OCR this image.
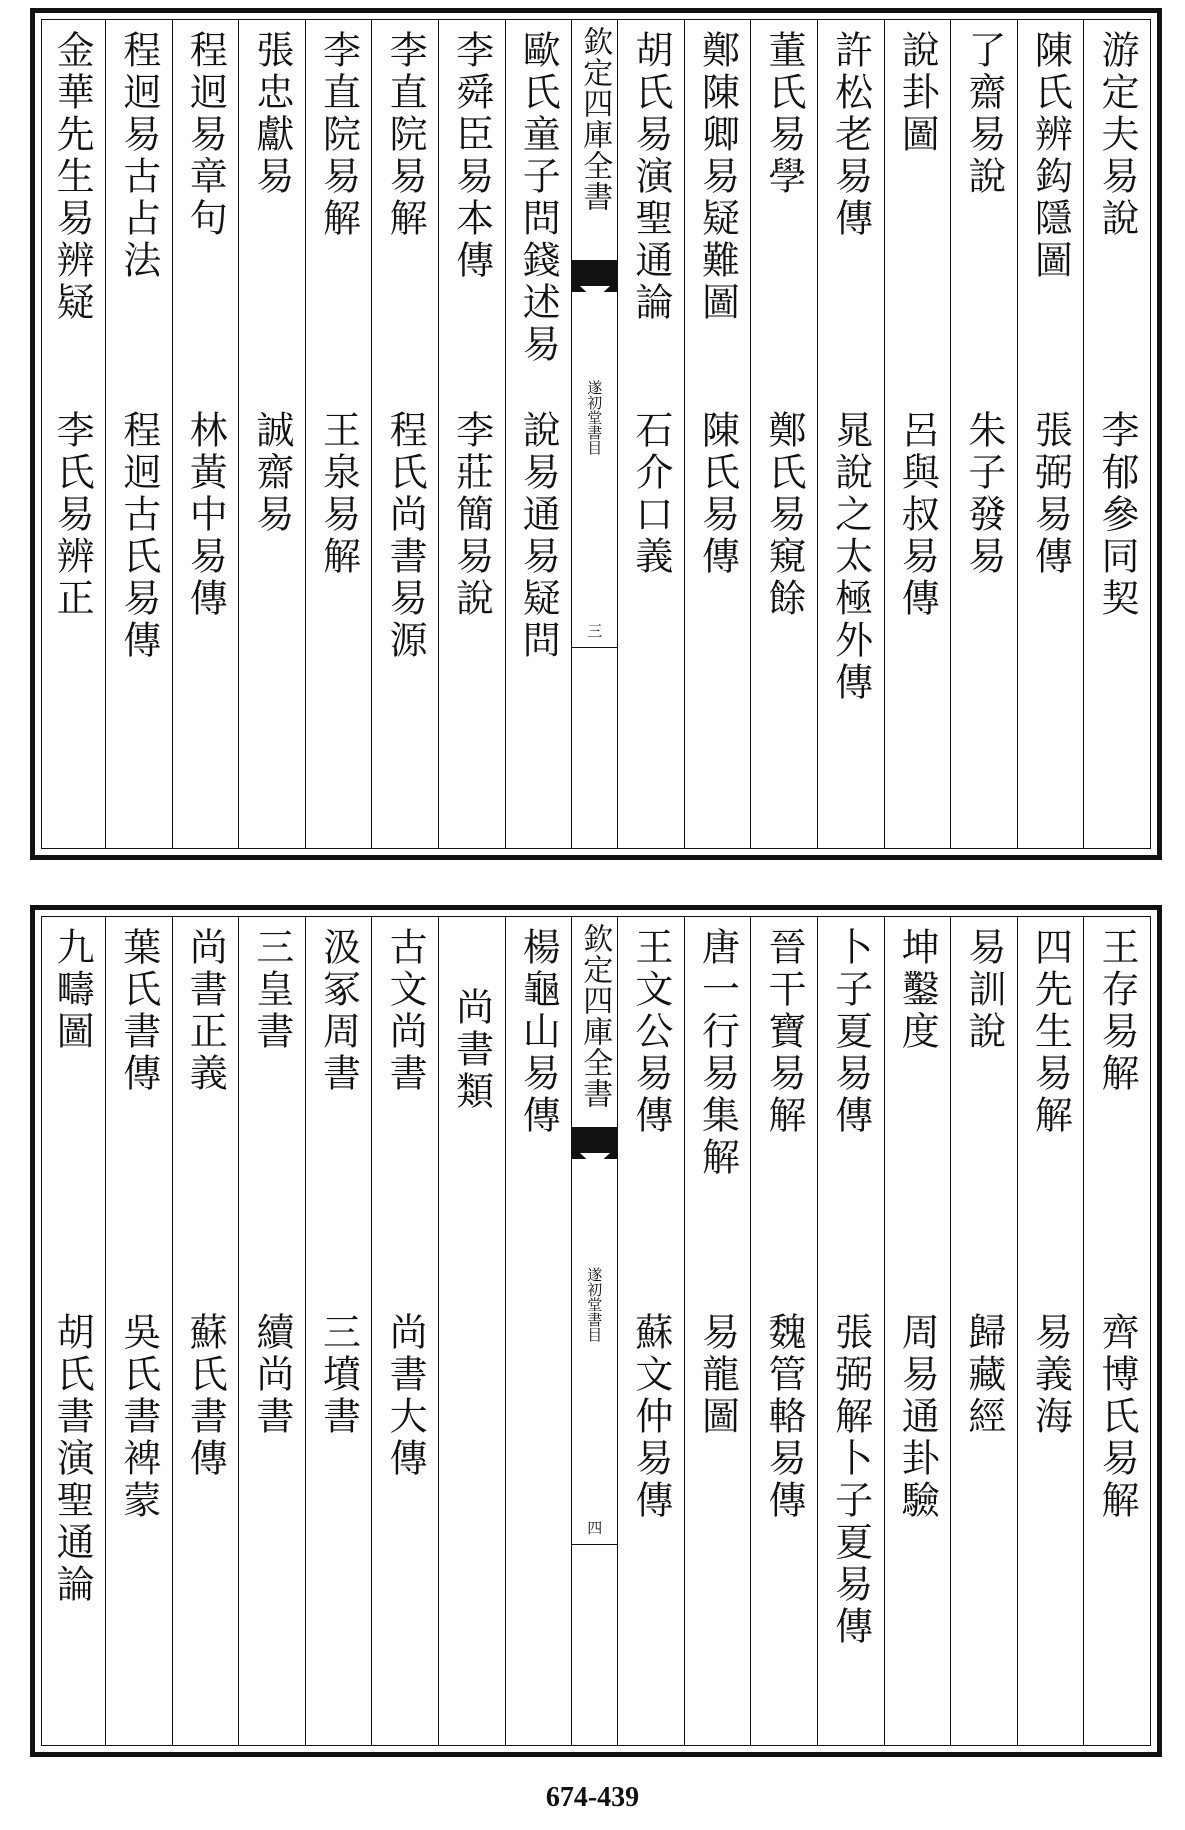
游定夫易說
李郁參同契
陳氏辨鈎隱圖
張弼易傳
了齋易說
朱子發易
說卦圖
呂與叔易傳
許松老易傳
晁說之太極外傳
董氏易學
鄭氏易窺餘
鄭陳卿易疑難圖
陳氏易傳
胡氏易演聖通論
石介口義
欽定四庫全書
遂初堂書目
三
歐氏童子問錢述易
說易通易疑問
李舜臣易本傳
李莊簡易說
李直院易解
程氏尚書易源
李直院易解
王泉易解
張忠獻易
誠齋易
程迥易章句
林黃中易傳
程迥易古占法
程迥古氏易傳
金華先生易辨疑
李氏易辨正
王存易解
齊博氏易解
四先生易解
易義海
易訓說
歸藏經
坤鑿度
周易通卦驗
卜子夏易傳
張弼解卜子夏易傳
晉干寶易解
魏管輅易傳
唐一行易集解
易龍圖
王文公易傳
蘇文仲易傳
欽定四庫全書
遂初堂書目
四
楊龜山易傳
尚書類
古文尚書
尚書大傳
汲冢周書
三墳書
三皇書
續尚書
尚書正義
蘇氏書傳
葉氏書傳
吳氏書裨蒙
九疇圖
胡氏書演聖通論
674-439
